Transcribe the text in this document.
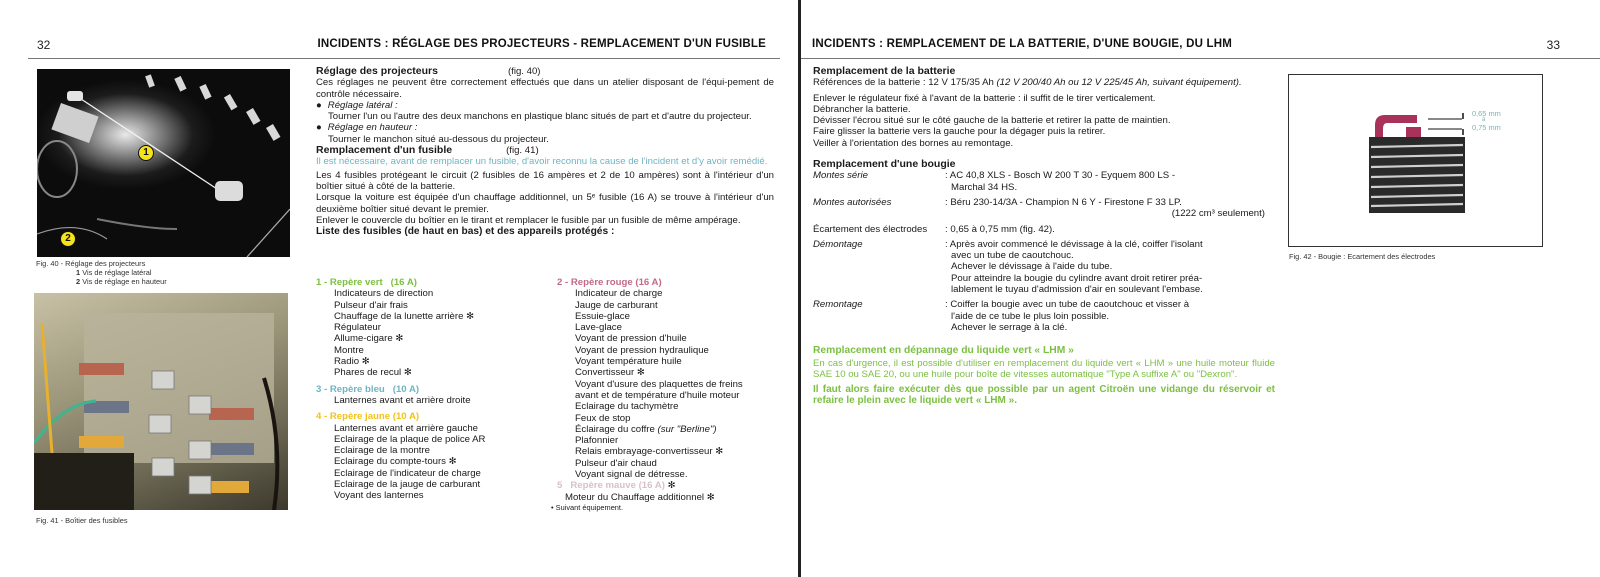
32	INCIDENTS : RÉGLAGE DES PROJECTEURS - REMPLACEMENT D'UN FUSIBLE
1
2
Fig. 40 - Réglage des projecteurs
1 Vis de réglage latéral
2 Vis de réglage en hauteur
Fig. 41 - Boîtier des fusibles
Réglage des projecteurs	(fig. 40)
Ces réglages ne peuvent être correctement effectués que dans un atelier disposant de l'équi-pement de contrôle nécessaire.
● Réglage latéral :
Tourner l'un ou l'autre des deux manchons en plastique blanc situés de part et d'autre du projecteur.
● Réglage en hauteur :
Tourner le manchon situé au-dessous du projecteur.
Remplacement d'un fusible	(fig. 41)
Il est nécessaire, avant de remplacer un fusible, d'avoir reconnu la cause de l'incident et d'y avoir remédié.
Les 4 fusibles protégeant le circuit (2 fusibles de 16 ampères et 2 de 10 ampères) sont à l'intérieur d'un boîtier situé à côté de la batterie.
Lorsque la voiture est équipée d'un chauffage additionnel, un 5ᵉ fusible (16 A) se trouve à l'intérieur d'un deuxième boîtier situé devant le premier.
Enlever le couvercle du boîtier en le tirant et remplacer le fusible par un fusible de même ampérage.
Liste des fusibles (de haut en bas) et des appareils protégés :
1 - Repère vert   (16 A)
Indicateurs de direction
Pulseur d'air frais
Chauffage de la lunette arrière ✻
Régulateur
Allume-cigare ✻
Montre
Radio ✻
Phares de recul ✻
3 - Repère bleu   (10 A)
Lanternes avant et arrière droite
4 - Repère jaune (10 A)
Lanternes avant et arrière gauche
Eclairage de la plaque de police AR
Eclairage de la montre
Eclairage du compte-tours ✻
Eclairage de l'indicateur de charge
Eclairage de la jauge de carburant
Voyant des lanternes
2 - Repère rouge (16 A)
Indicateur de charge
Jauge de carburant
Essuie-glace
Lave-glace
Voyant de pression d'huile
Voyant de pression hydraulique
Voyant température huile
Convertisseur ✻
Voyant d'usure des plaquettes de freins
avant et de température d'huile moteur
Eclairage du tachymètre
Feux de stop
Éclairage du coffre (sur "Berline")
Plafonnier
Relais embrayage-convertisseur ✻
Pulseur d'air chaud
Voyant signal de détresse.
5   Repère mauve (16 A) ✻
Moteur du Chauffage additionnel ✻
• Suivant équipement.
INCIDENTS : REMPLACEMENT DE LA BATTERIE, D'UNE BOUGIE, DU LHM	33
Remplacement de la batterie
Références de la batterie : 12 V 175/35 Ah (12 V 200/40 Ah ou 12 V 225/45 Ah, suivant équipement).
Enlever le régulateur fixé à l'avant de la batterie : il suffit de le tirer verticalement.
Débrancher la batterie.
Dévisser l'écrou situé sur le côté gauche de la batterie et retirer la patte de maintien.
Faire glisser la batterie vers la gauche pour la dégager puis la retirer.
Veiller à l'orientation des bornes au remontage.
Remplacement d'une bougie
Montes série	: AC 40,8 XLS - Bosch W 200 T 30 - Eyquem 800 LS -
Marchal 34 HS.
Montes autorisées	: Béru 230-14/3A - Champion N 6 Y - Firestone F 33 LP.
(1222 cm³ seulement)
Écartement des électrodes	: 0,65 à 0,75 mm (fig. 42).
Démontage	: Après avoir commencé le dévissage à la clé, coiffer l'isolant
avec un tube de caoutchouc.
Achever le dévissage à l'aide du tube.
Pour atteindre la bougie du cylindre avant droit retirer préa-
lablement le tuyau d'admission d'air en soulevant l'embase.
Remontage	: Coiffer la bougie avec un tube de caoutchouc et visser à
l'aide de ce tube le plus loin possible.
Achever le serrage à la clé.
Remplacement en dépannage du liquide vert « LHM »
En cas d'urgence, il est possible d'utiliser en remplacement du liquide vert « LHM » une huile moteur fluide SAE 10 ou SAE 20, ou une huile pour boîte de vitesses automatique "Type A suffixe A" ou "Dexron".
Il faut alors faire exécuter dès que possible par un agent Citroën une vidange du réservoir et refaire le plein avec le liquide vert « LHM ».
0,65 mm
à
0,75 mm
Fig. 42 - Bougie : Ecartement des électrodes
